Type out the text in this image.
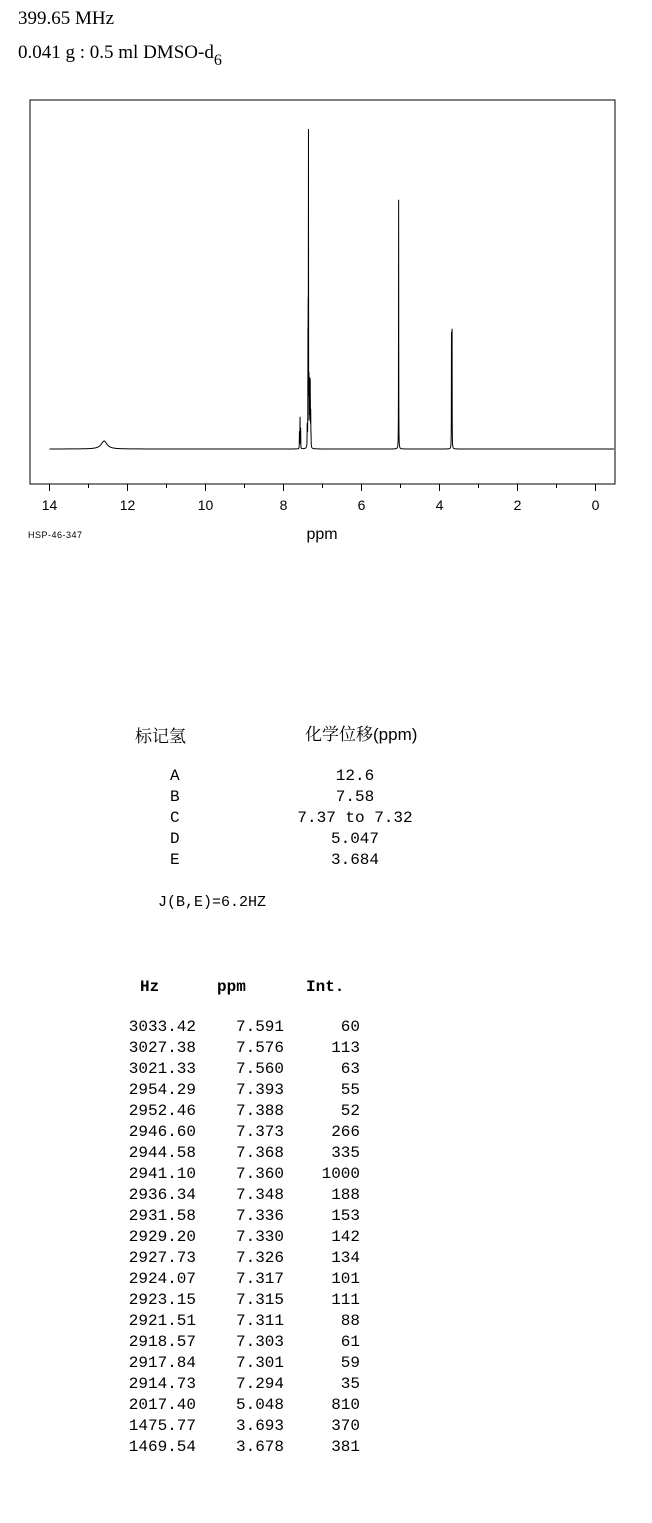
399.65 MHz
0.041 g : 0.5 ml DMSO-$d_6$
14	12	10	8	6	4	2	0
ppm
HSP-46-347
标记氢	化学位移(ppm)
A	12.6
B	7.58
C	7.37 to 7.32
D	5.047
E	3.684
J(B,E)=6.2HZ
Hz	ppm	Int.
3033.42	7.591	60
3027.38	7.576	113
3021.33	7.560	63
2954.29	7.393	55
2952.46	7.388	52
2946.60	7.373	266
2944.58	7.368	335
2941.10	7.360	1000
2936.34	7.348	188
2931.58	7.336	153
2929.20	7.330	142
2927.73	7.326	134
2924.07	7.317	101
2923.15	7.315	111
2921.51	7.311	88
2918.57	7.303	61
2917.84	7.301	59
2914.73	7.294	35
2017.40	5.048	810
1475.77	3.693	370
1469.54	3.678	381
